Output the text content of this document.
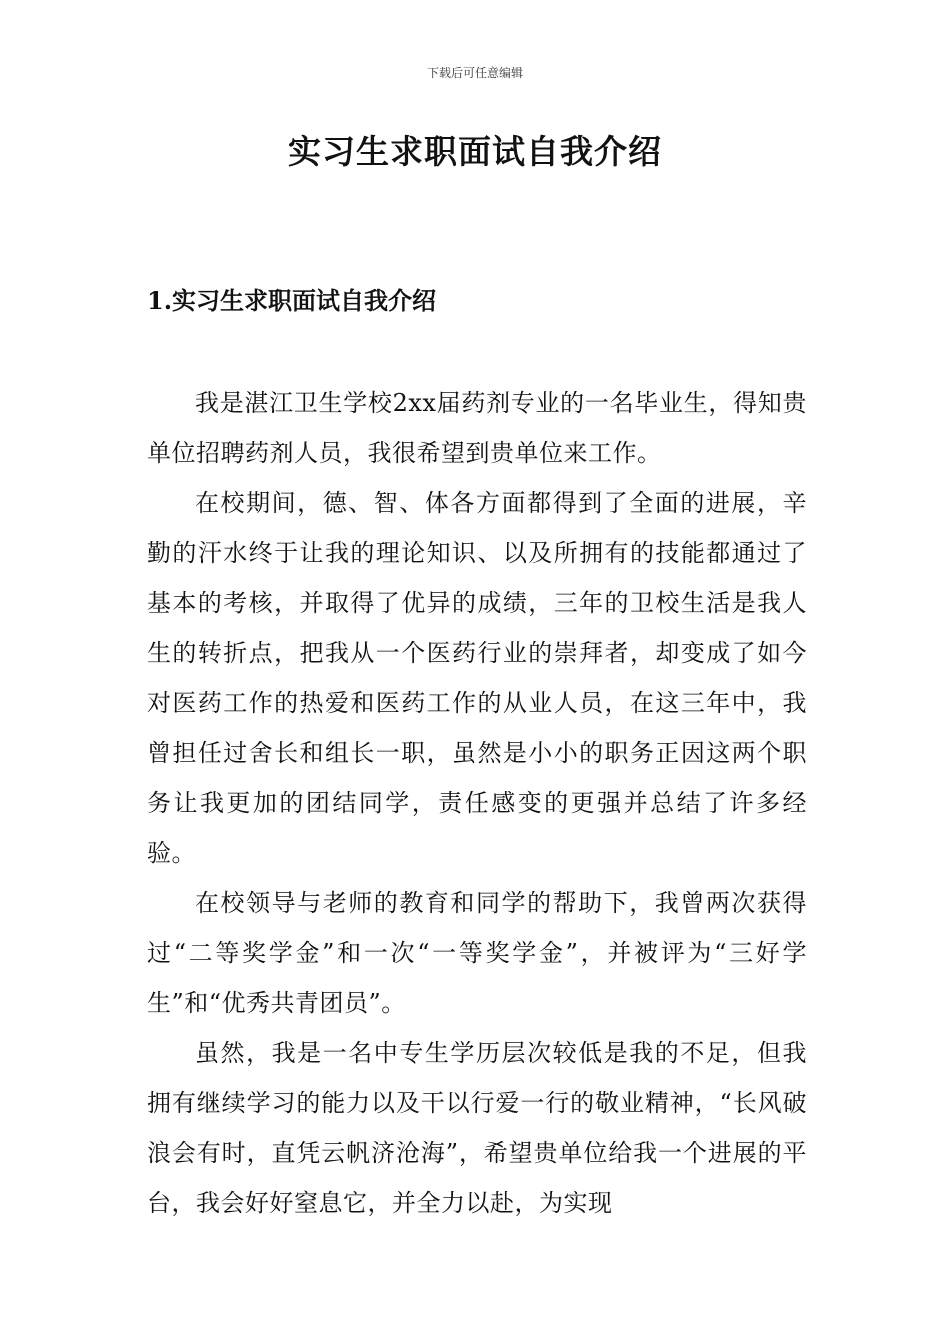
下载后可任意编辑
实习生求职面试自我介绍
1.实习生求职面试自我介绍

我是湛江卫生学校2xx届药剂专业的一名毕业生，得知贵单位招聘药剂人员，我很希望到贵单位来工作。

在校期间，德、智、体各方面都得到了全面的进展，辛勤的汗水终于让我的理论知识、以及所拥有的技能都通过了基本的考核，并取得了优异的成绩，三年的卫校生活是我人生的转折点，把我从一个医药行业的崇拜者，却变成了如今对医药工作的热爱和医药工作的从业人员，在这三年中，我曾担任过舍长和组长一职，虽然是小小的职务正因这两个职务让我更加的团结同学，责任感变的更强并总结了许多经验。

在校领导与老师的教育和同学的帮助下，我曾两次获得过“二等奖学金”和一次“一等奖学金”，并被评为“三好学生”和“优秀共青团员”。

虽然，我是一名中专生学历层次较低是我的不足，但我拥有继续学习的能力以及干以行爱一行的敬业精神，“长风破浪会有时，直凭云帆济沧海”，希望贵单位给我一个进展的平台，我会好好窒息它，并全力以赴，为实现
